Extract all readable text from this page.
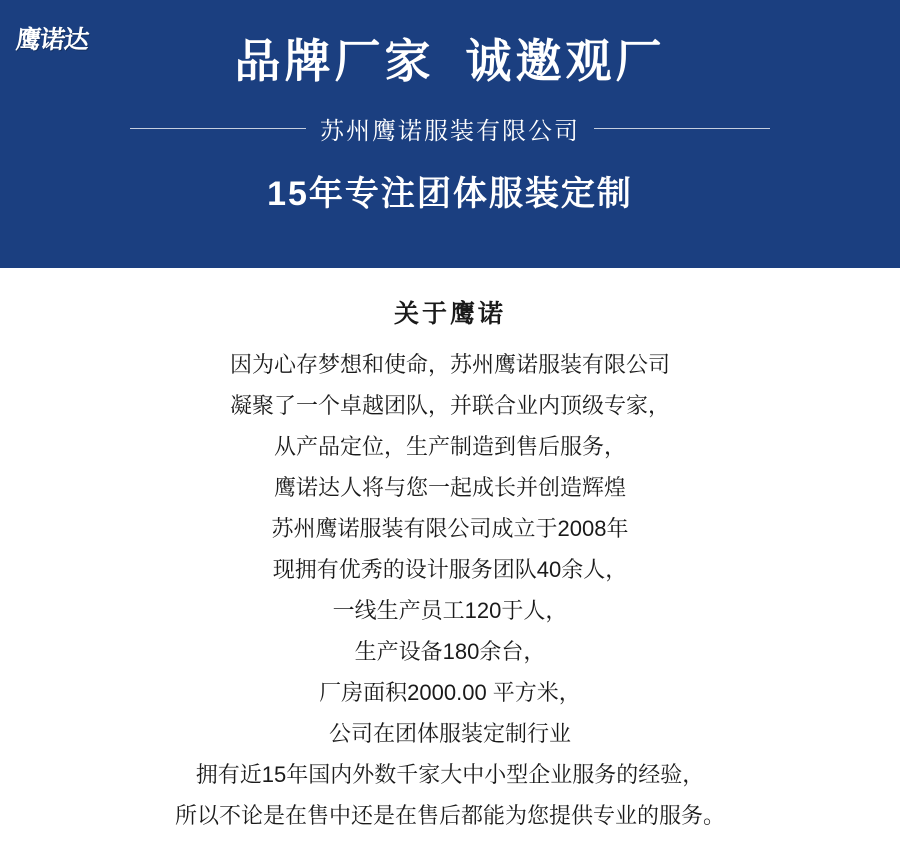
鹰诺达	品牌厂家  诚邀观厂
苏州鹰诺服装有限公司
15年专注团体服装定制
关于鹰诺
因为心存梦想和使命，苏州鹰诺服装有限公司
凝聚了一个卓越团队，并联合业内顶级专家，
从产品定位，生产制造到售后服务，
鹰诺达人将与您一起成长并创造辉煌
苏州鹰诺服装有限公司成立于2008年
现拥有优秀的设计服务团队40余人，
一线生产员工120于人，
生产设备180余台，
厂房面积2000.00 平方米，
公司在团体服装定制行业
拥有近15年国内外数千家大中小型企业服务的经验，
所以不论是在售中还是在售后都能为您提供专业的服务。
